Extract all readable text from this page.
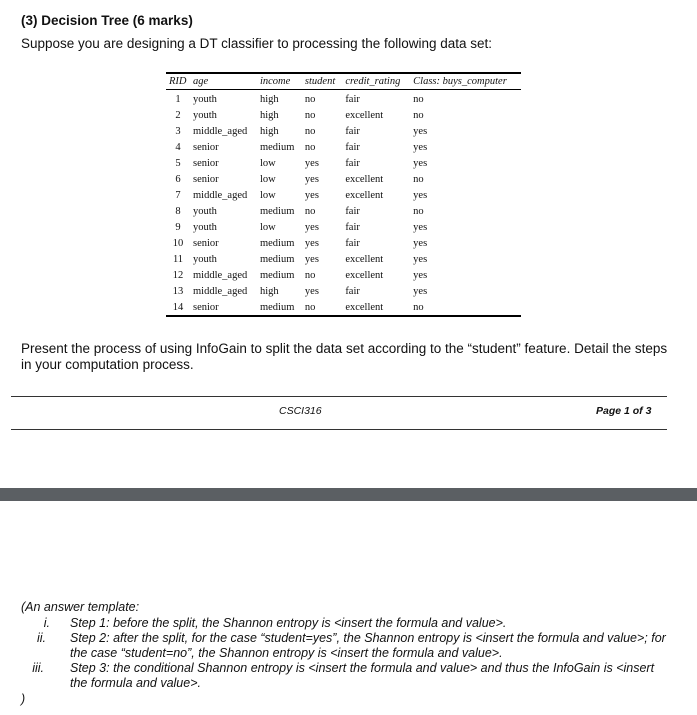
(3) Decision Tree (6 marks)
Suppose you are designing a DT classifier to processing the following data set:
RID	age	income	student	credit_rating	Class: buys_computer
1	youth	high	no	fair	no
2	youth	high	no	excellent	no
3	middle_aged	high	no	fair	yes
4	senior	medium	no	fair	yes
5	senior	low	yes	fair	yes
6	senior	low	yes	excellent	no
7	middle_aged	low	yes	excellent	yes
8	youth	medium	no	fair	no
9	youth	low	yes	fair	yes
10	senior	medium	yes	fair	yes
11	youth	medium	yes	excellent	yes
12	middle_aged	medium	no	excellent	yes
13	middle_aged	high	yes	fair	yes
14	senior	medium	no	excellent	no
Present the process of using InfoGain to split the data set according to the “student” feature. Detail the steps in your computation process.
CSCI316	Page 1 of 3
(An answer template:
i. Step 1: before the split, the Shannon entropy is <insert the formula and value>.
ii. Step 2: after the split, for the case “student=yes”, the Shannon entropy is <insert the formula and value>; for the case “student=no”, the Shannon entropy is <insert the formula and value>.
iii. Step 3: the conditional Shannon entropy is <insert the formula and value> and thus the InfoGain is <insert the formula and value>.
)
